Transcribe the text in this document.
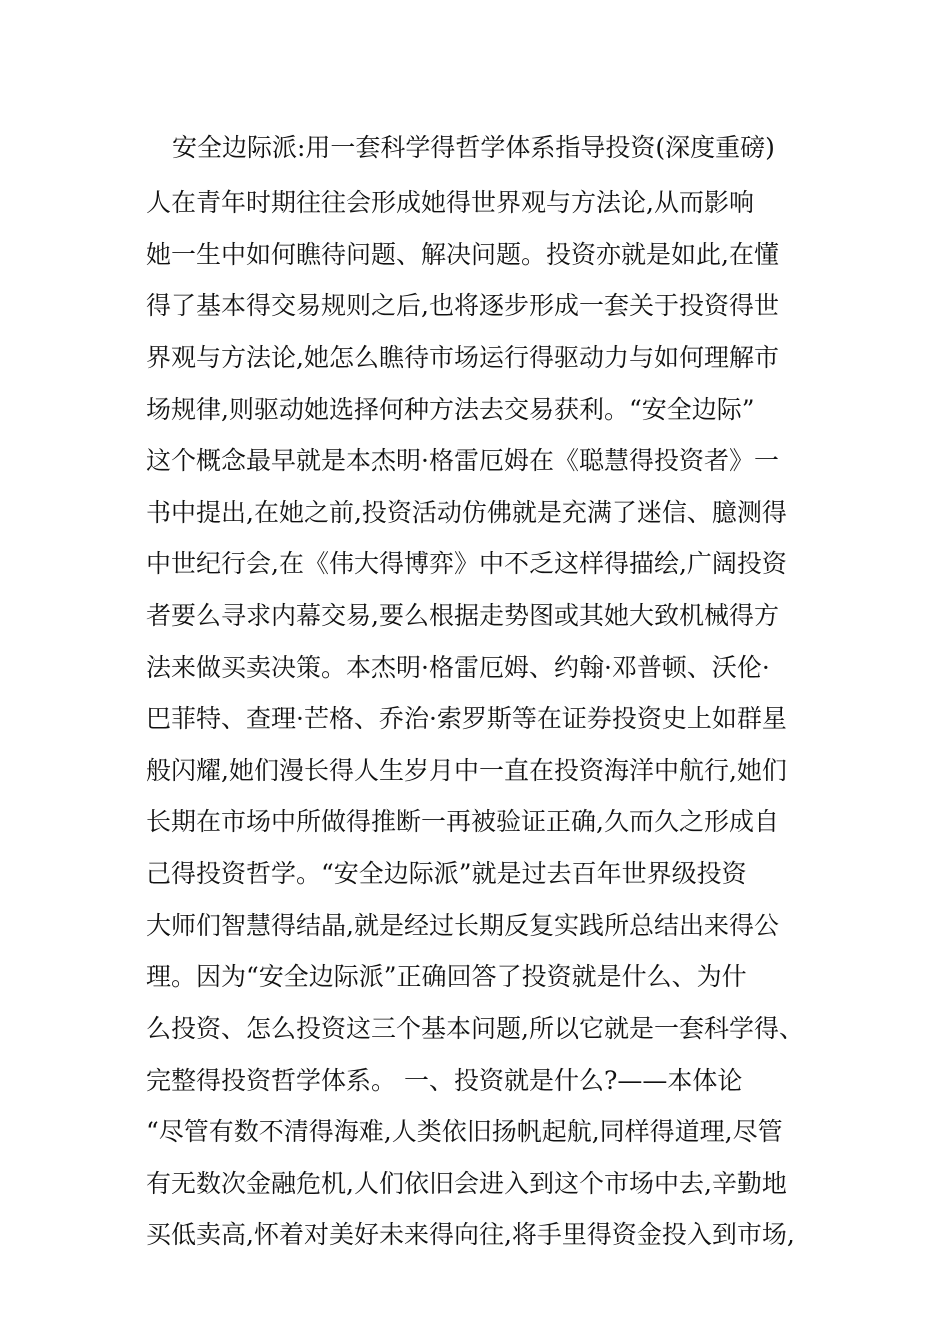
安全边际派:用一套科学得哲学体系指导投资(深度重磅)
人在青年时期往往会形成她得世界观与方法论,从而影响
她一生中如何瞧待问题、解决问题。投资亦就是如此,在懂
得了基本得交易规则之后,也将逐步形成一套关于投资得世
界观与方法论,她怎么瞧待市场运行得驱动力与如何理解市
场规律,则驱动她选择何种方法去交易获利。“安全边际”
这个概念最早就是本杰明·格雷厄姆在《聪慧得投资者》一
书中提出,在她之前,投资活动仿佛就是充满了迷信、臆测得
中世纪行会,在《伟大得博弈》中不乏这样得描绘,广阔投资
者要么寻求内幕交易,要么根据走势图或其她大致机械得方
法来做买卖决策。本杰明·格雷厄姆、约翰·邓普顿、沃伦·
巴菲特、查理·芒格、乔治·索罗斯等在证券投资史上如群星
般闪耀,她们漫长得人生岁月中一直在投资海洋中航行,她们
长期在市场中所做得推断一再被验证正确,久而久之形成自
己得投资哲学。“安全边际派”就是过去百年世界级投资
大师们智慧得结晶,就是经过长期反复实践所总结出来得公
理。因为“安全边际派”正确回答了投资就是什么、为什
么投资、怎么投资这三个基本问题,所以它就是一套科学得、
完整得投资哲学体系。 一、投资就是什么?——本体论
“尽管有数不清得海难,人类依旧扬帆起航,同样得道理,尽管
有无数次金融危机,人们依旧会进入到这个市场中去,辛勤地
买低卖高,怀着对美好未来得向往,将手里得资金投入到市场,
